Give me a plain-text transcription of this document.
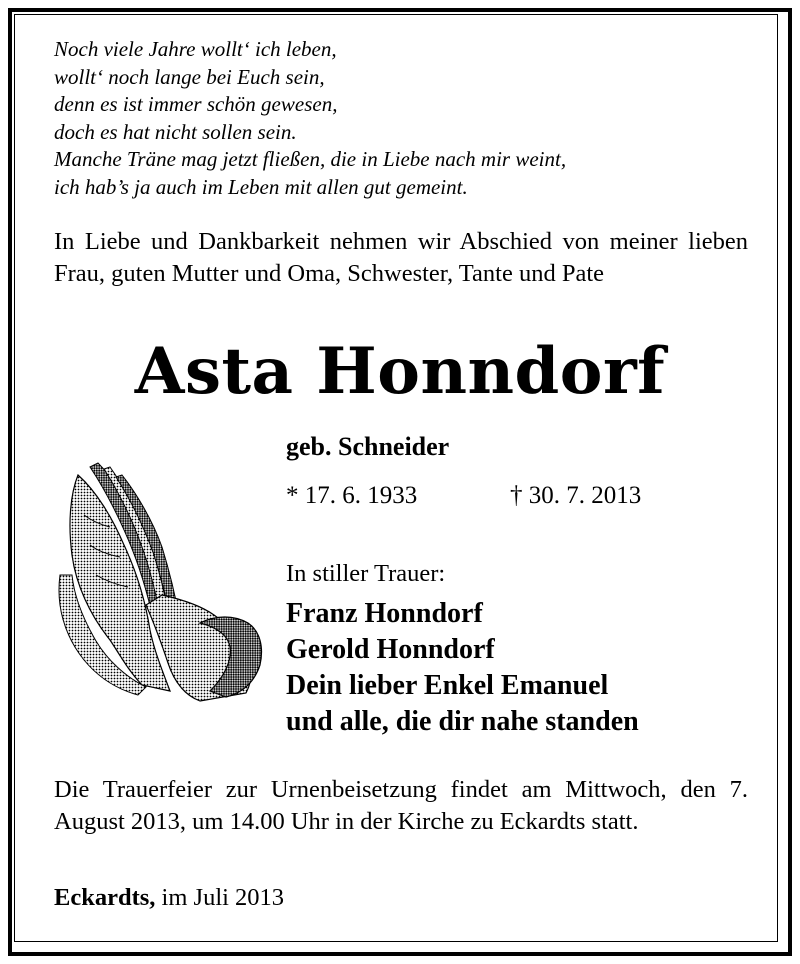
Noch viele Jahre wollt‘ ich leben,
wollt‘ noch lange bei Euch sein,
denn es ist immer schön gewesen,
doch es hat nicht sollen sein.
Manche Träne mag jetzt fließen, die in Liebe nach mir weint,
ich hab’s ja auch im Leben mit allen gut gemeint.
In Liebe und Dankbarkeit nehmen wir Abschied von meiner lieben Frau, guten Mutter und Oma, Schwester, Tante und Pate
Asta Honndorf
geb. Schneider
* 17. 6. 1933	† 30. 7. 2013
In stiller Trauer:
Franz Honndorf
Gerold Honndorf
Dein lieber Enkel Emanuel
und alle, die dir nahe standen
Die Trauerfeier zur Urnenbeisetzung findet am Mittwoch, den 7. August 2013, um 14.00 Uhr in der Kirche zu Eckardts statt.
Eckardts, im Juli 2013
